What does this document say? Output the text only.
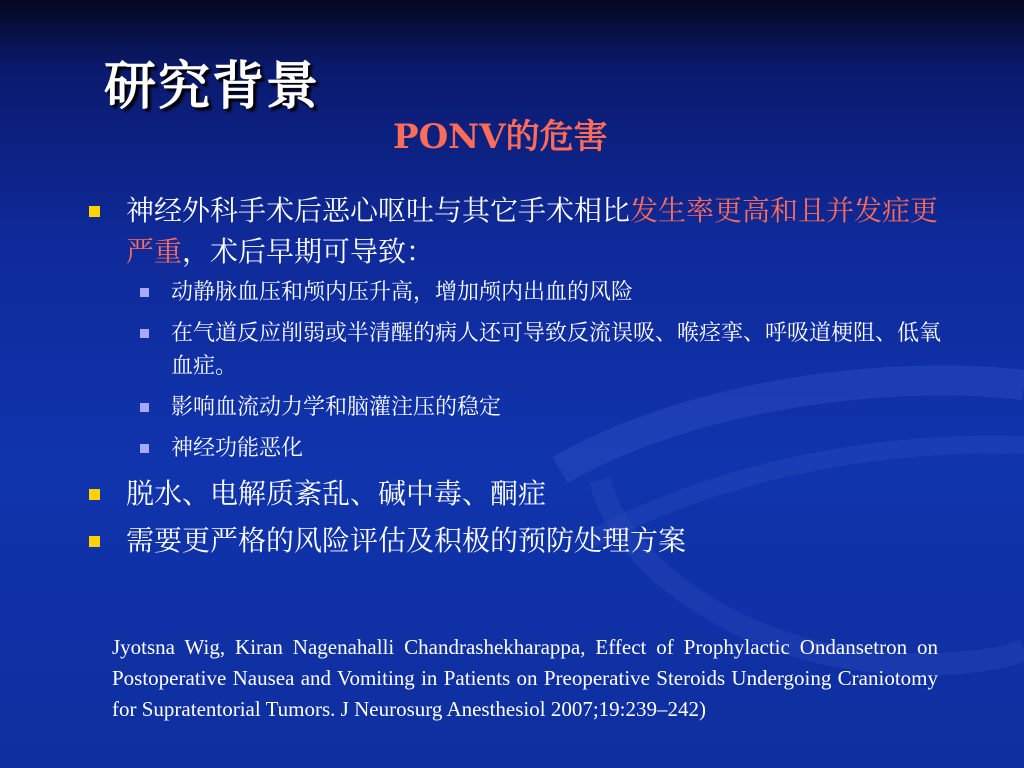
研究背景
PONV的危害
神经外科手术后恶心呕吐与其它手术相比发生率更高和且并发症更严重，术后早期可导致：
动静脉血压和颅内压升高，增加颅内出血的风险
在气道反应削弱或半清醒的病人还可导致反流误吸、喉痉挛、呼吸道梗阻、低氧血症。
影响血流动力学和脑灌注压的稳定
神经功能恶化
脱水、电解质紊乱、碱中毒、酮症
需要更严格的风险评估及积极的预防处理方案

Jyotsna Wig, Kiran Nagenahalli Chandrashekharappa, Effect of Prophylactic Ondansetron on Postoperative Nausea and Vomiting in Patients on Preoperative Steroids Undergoing Craniotomy for Supratentorial Tumors. J Neurosurg Anesthesiol 2007;19:239–242)
